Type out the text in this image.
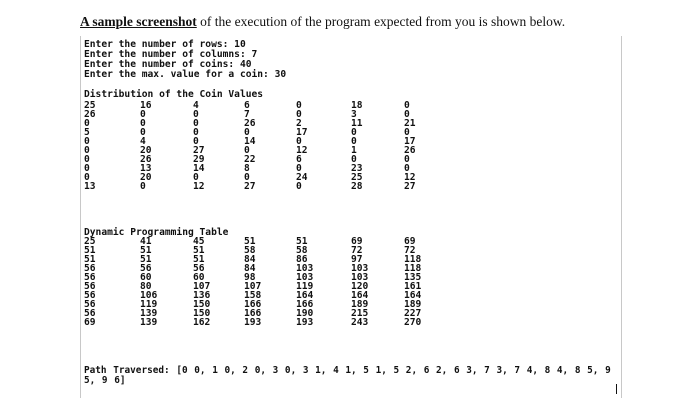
A sample screenshot of the execution of the program expected from you is shown below.
Enter the number of rows: 10
Enter the number of columns: 7
Enter the number of coins: 40
Enter the max. value for a coin: 30
Distribution of the Coin Values
25	16	4	6	0	18	0
26	0	0	7	0	3	0
0	0	0	26	2	11	21
5	0	0	0	17	0	0
0	4	0	14	0	0	17
0	20	27	0	12	1	26
0	26	29	22	6	0	0
0	13	14	8	0	23	0
0	20	0	0	24	25	12
13	0	12	27	0	28	27
Dynamic Programming Table
25	41	45	51	51	69	69
51	51	51	58	58	72	72
51	51	51	84	86	97	118
56	56	56	84	103	103	118
56	60	60	98	103	103	135
56	80	107	107	119	120	161
56	106	136	158	164	164	164
56	119	150	166	166	189	189
56	139	150	166	190	215	227
69	139	162	193	193	243	270
Path Traversed: [0 0, 1 0, 2 0, 3 0, 3 1, 4 1, 5 1, 5 2, 6 2, 6 3, 7 3, 7 4, 8 4, 8 5, 9 5, 9 6]
